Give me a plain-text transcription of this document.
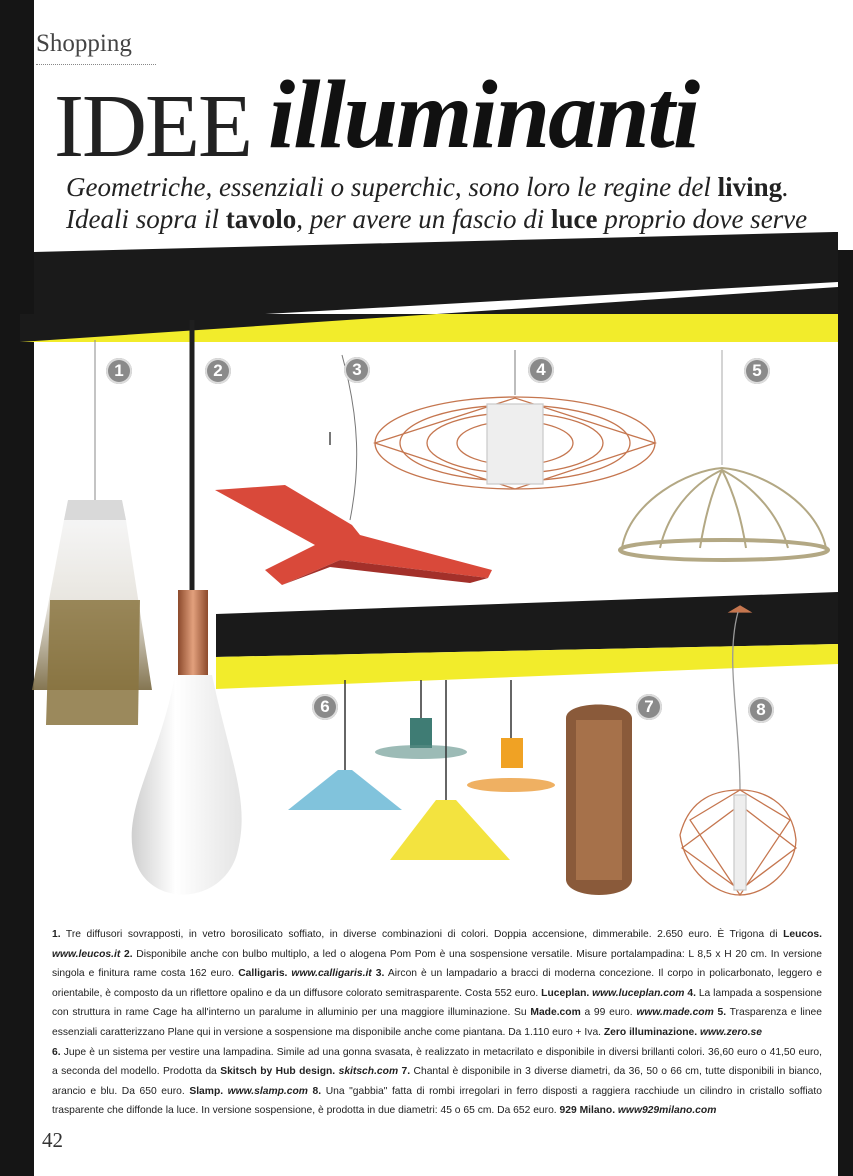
Shopping
IDEE illuminanti
Geometriche, essenziali o superchic, sono loro le regine del living.
Ideali sopra il tavolo, per avere un fascio di luce proprio dove serve
1	2	3	4	5
6	7	8
1. Tre diffusori sovrapposti, in vetro borosilicato soffiato, in diverse combinazioni di colori. Doppia accensione, dimmerabile. 2.650 euro. È Trigona di Leucos. www.leucos.it 2. Disponibile anche con bulbo multiplo, a led o alogena Pom Pom è una sospensione versatile. Misure portalampadina: L 8,5 x H 20 cm. In versione singola e finitura rame costa 162 euro. Calligaris. www.calligaris.it 3. Aircon è un lampadario a bracci di moderna concezione. Il corpo in policarbonato, leggero e orientabile, è composto da un riflettore opalino e da un diffusore colorato semitrasparente. Costa 552 euro. Luceplan. www.luceplan.com 4. La lampada a sospensione con struttura in rame Cage ha all'interno un paralume in alluminio per una maggiore illuminazione. Su Made.com a 99 euro. www.made.com 5. Trasparenza e linee essenziali caratterizzano Plane qui in versione a sospensione ma disponibile anche come piantana. Da 1.110 euro + Iva. Zero illuminazione. www.zero.se
6. Jupe è un sistema per vestire una lampadina. Simile ad una gonna svasata, è realizzato in metacrilato e disponibile in diversi brillanti colori. 36,60 euro o 41,50 euro, a seconda del modello. Prodotta da Skitsch by Hub design. skitsch.com 7. Chantal è disponibile in 3 diverse diametri, da 36, 50 o 66 cm, tutte disponibili in bianco, arancio e blu. Da 650 euro. Slamp. www.slamp.com 8. Una "gabbia" fatta di rombi irregolari in ferro disposti a raggiera racchiude un cilindro in cristallo soffiato trasparente che diffonde la luce. In versione sospensione, è prodotta in due diametri: 45 o 65 cm. Da 652 euro. 929 Milano. www929milano.com
42
